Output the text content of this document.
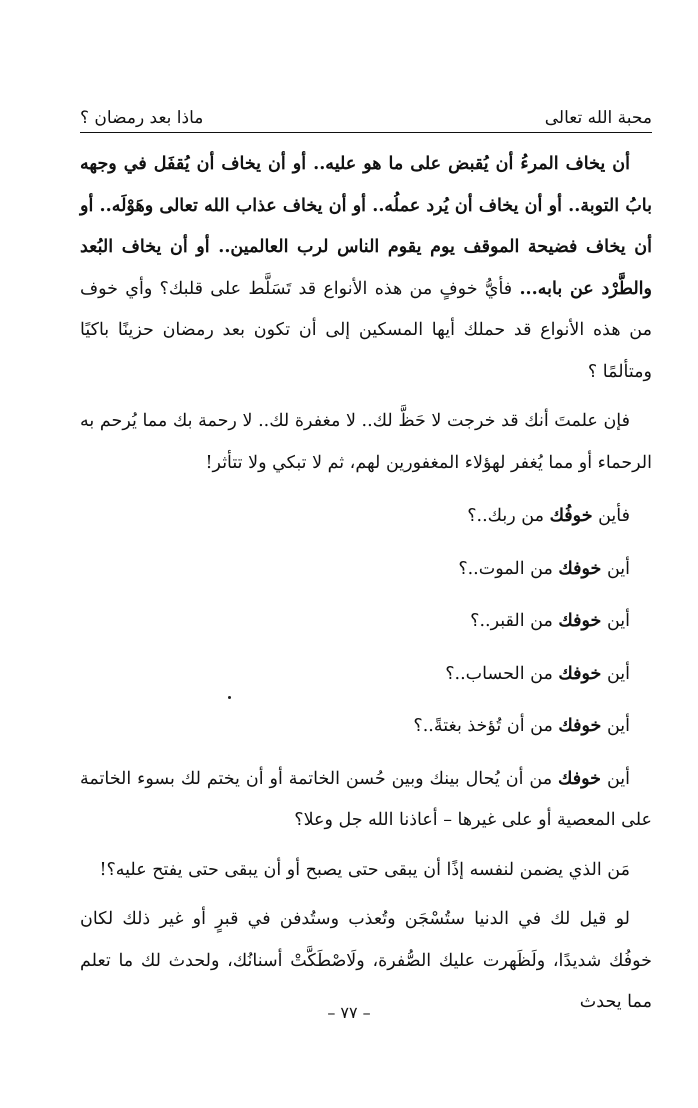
محبة الله تعالى
ماذا بعد رمضان ؟

أن يخاف المرءُ أن يُقبض على ما هو عليه.. أو أن يخاف أن يُقفَل في وجهه بابُ التوبة.. أو أن يخاف أن يُرد عملُه.. أو أن يخاف عذاب الله تعالى وهَوْلَه.. أو أن يخاف فضيحة الموقف يوم يقوم الناس لرب العالمين.. أو أن يخاف البُعد والطَّرْد عن بابه... فأيُّ خوفٍ من هذه الأنواع قد تَسَلَّط على قلبك؟ وأي خوف من هذه الأنواع قد حملك أيها المسكين إلى أن تكون بعد رمضان حزينًا باكيًا ومتألمًا ؟

فإن علمتَ أنك قد خرجت لا حَظَّ لك.. لا مغفرة لك.. لا رحمة بك مما يُرحم به الرحماء أو مما يُغفر لهؤلاء المغفورين لهم، ثم لا تبكي ولا تتأثر!

فأين خوفُك من ربك..؟
أين خوفك من الموت..؟
أين خوفك من القبر..؟
أين خوفك من الحساب..؟
أين خوفك من أن تُؤخذ بغتةً..؟

أين خوفك من أن يُحال بينك وبين حُسن الخاتمة أو أن يختم لك بسوء الخاتمة على المعصية أو على غيرها – أعاذنا الله جل وعلا؟

مَن الذي يضمن لنفسه إذًا أن يبقى حتى يصبح أو أن يبقى حتى يفتح عليه؟!

لو قيل لك في الدنيا ستُسْجَن وتُعذب وستُدفن في قبرٍ أو غير ذلك لكان خوفُك شديدًا، ولَظَهرت عليك الصُّفرة، ولَاصْطَكَّتْ أسنانُك، ولحدث لك ما تعلم مما يحدث

– ٧٧ –
